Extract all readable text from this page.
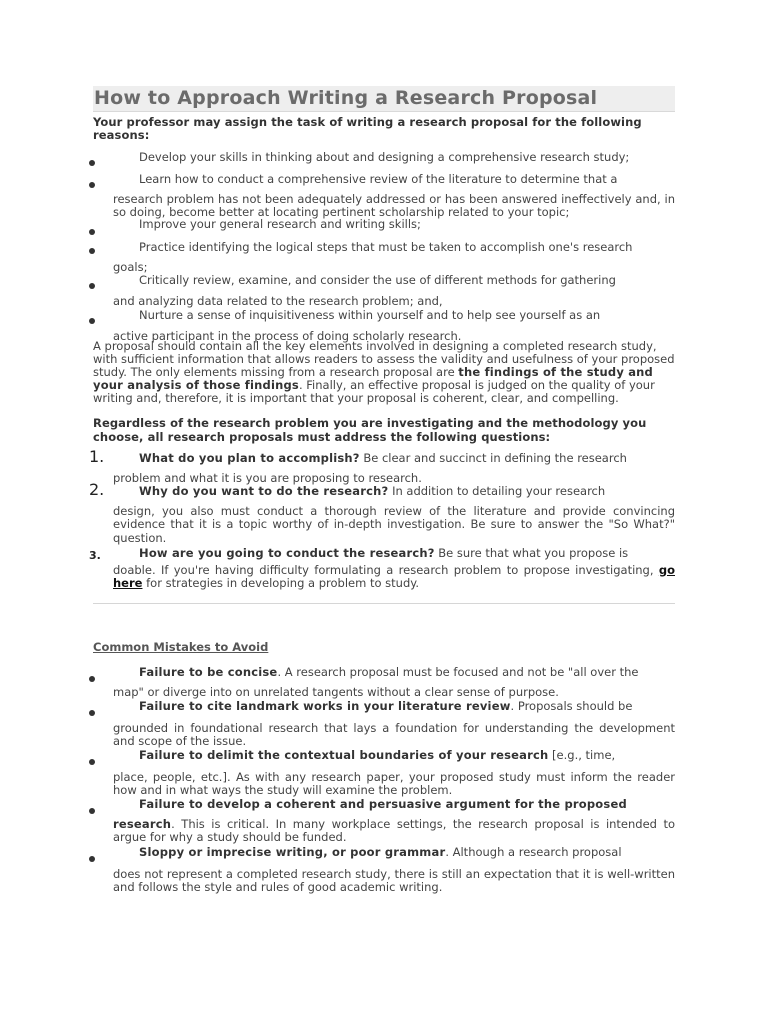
How to Approach Writing a Research Proposal
Your professor may assign the task of writing a research proposal for the following reasons:
Develop your skills in thinking about and designing a comprehensive research study;
Learn how to conduct a comprehensive review of the literature to determine that a
research problem has not been adequately addressed or has been answered ineffectively and, in so doing, become better at locating pertinent scholarship related to your topic;
Improve your general research and writing skills;
Practice identifying the logical steps that must be taken to accomplish one's research
goals;
Critically review, examine, and consider the use of different methods for gathering
and analyzing data related to the research problem; and,
Nurture a sense of inquisitiveness within yourself and to help see yourself as an
active participant in the process of doing scholarly research.
A proposal should contain all the key elements involved in designing a completed research study, with sufficient information that allows readers to assess the validity and usefulness of your proposed study. The only elements missing from a research proposal are the findings of the study and your analysis of those findings. Finally, an effective proposal is judged on the quality of your writing and, therefore, it is important that your proposal is coherent, clear, and compelling.
Regardless of the research problem you are investigating and the methodology you choose, all research proposals must address the following questions:
1.	What do you plan to accomplish? Be clear and succinct in defining the research
problem and what it is you are proposing to research.
2.	Why do you want to do the research? In addition to detailing your research
design, you also must conduct a thorough review of the literature and provide convincing evidence that it is a topic worthy of in-depth investigation. Be sure to answer the "So What?" question.
3.	How are you going to conduct the research? Be sure that what you propose is
doable. If you're having difficulty formulating a research problem to propose investigating, go here for strategies in developing a problem to study.
Common Mistakes to Avoid
Failure to be concise. A research proposal must be focused and not be "all over the
map" or diverge into on unrelated tangents without a clear sense of purpose.
Failure to cite landmark works in your literature review. Proposals should be
grounded in foundational research that lays a foundation for understanding the development and scope of the issue.
Failure to delimit the contextual boundaries of your research [e.g., time,
place, people, etc.]. As with any research paper, your proposed study must inform the reader how and in what ways the study will examine the problem.
Failure to develop a coherent and persuasive argument for the proposed
research. This is critical. In many workplace settings, the research proposal is intended to argue for why a study should be funded.
Sloppy or imprecise writing, or poor grammar. Although a research proposal
does not represent a completed research study, there is still an expectation that it is well-written and follows the style and rules of good academic writing.
